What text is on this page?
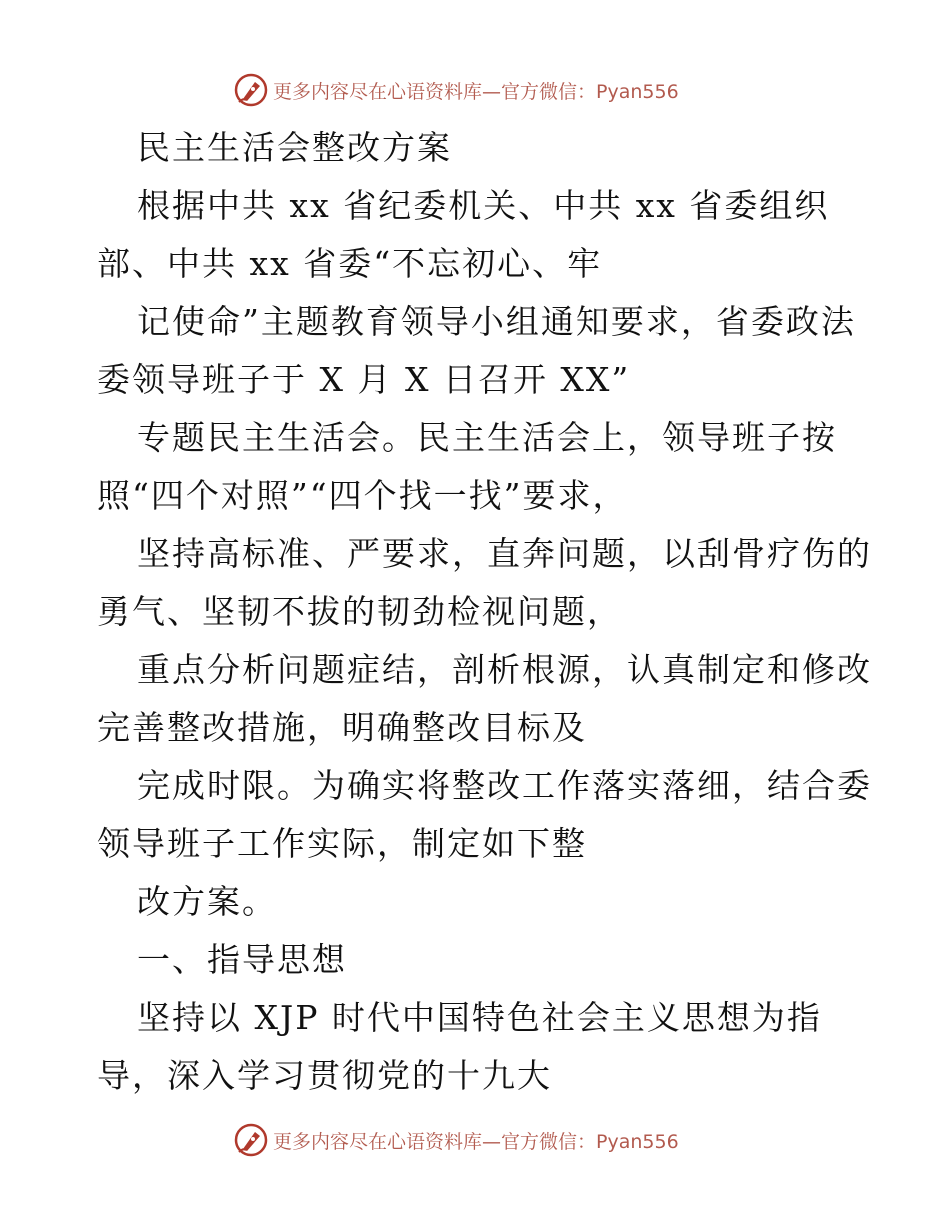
更多内容尽在心语资料库—官方微信：Pyan556
民主生活会整改方案
根据中共 xx 省纪委机关、中共 xx 省委组织
部、中共 xx 省委“不忘初心、牢
记使命”主题教育领导小组通知要求，省委政法
委领导班子于 X 月 X 日召开 XX”
专题民主生活会。民主生活会上，领导班子按
照“四个对照”“四个找一找”要求，
坚持高标准、严要求，直奔问题，以刮骨疗伤的
勇气、坚韧不拔的韧劲检视问题，
重点分析问题症结，剖析根源，认真制定和修改
完善整改措施，明确整改目标及
完成时限。为确实将整改工作落实落细，结合委
领导班子工作实际，制定如下整
改方案。
一、指导思想
坚持以 XJP 时代中国特色社会主义思想为指
导，深入学习贯彻党的十九大
更多内容尽在心语资料库—官方微信：Pyan556
